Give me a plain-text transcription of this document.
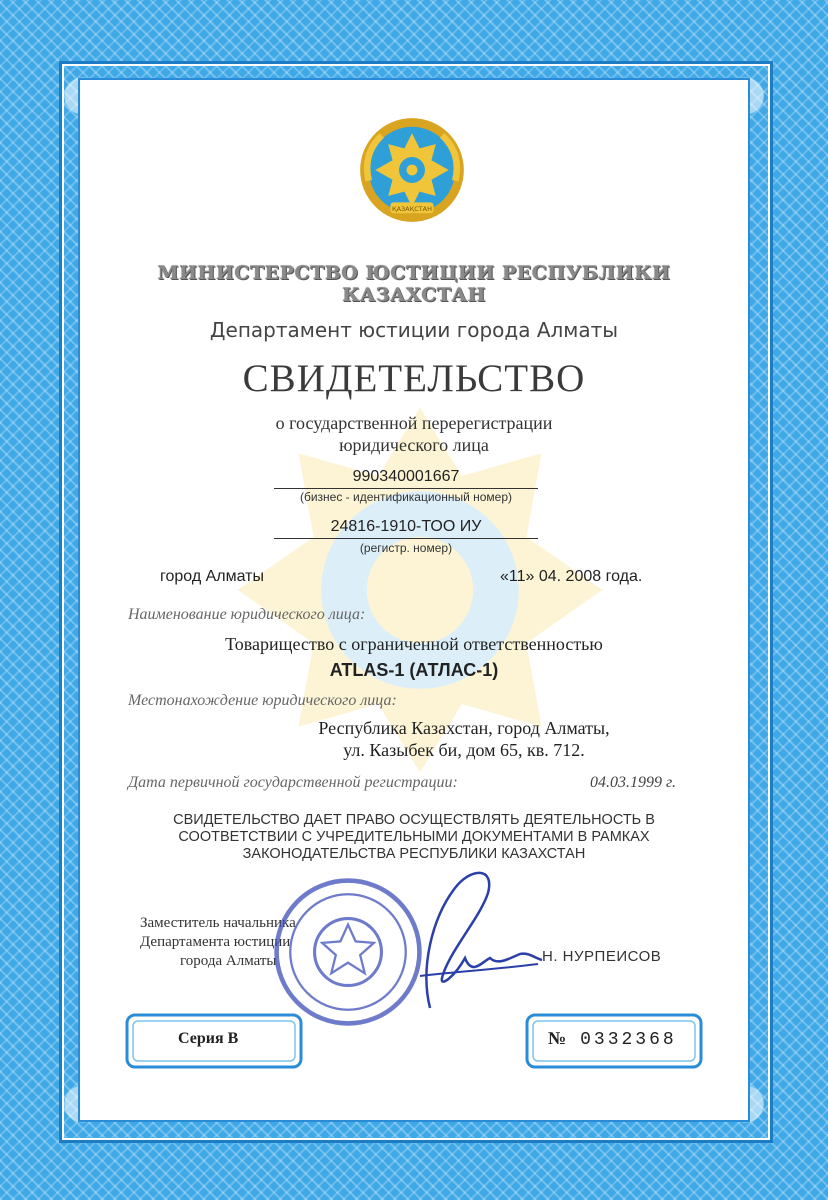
ҚАЗАҚСТАН
МИНИСТЕРСТВО ЮСТИЦИИ РЕСПУБЛИКИ КАЗАХСТАН
Департамент юстиции города Алматы
СВИДЕТЕЛЬСТВО
о государственной перерегистрации
юридического лица
990340001667
(бизнес - идентификационный номер)
24816-1910-ТОО ИУ
(регистр. номер)
город Алматы	«11» 04. 2008 года.
Наименование юридического лица:
Товарищество с ограниченной ответственностью
ATLAS-1 (АТЛАС-1)
Местонахождение юридического лица:
Республика Казахстан, город Алматы,
ул. Казыбек би, дом 65, кв. 712.
Дата первичной государственной регистрации:	04.03.1999 г.
СВИДЕТЕЛЬСТВО ДАЕТ ПРАВО ОСУЩЕСТВЛЯТЬ ДЕЯТЕЛЬНОСТЬ В
СООТВЕТСТВИИ С УЧРЕДИТЕЛЬНЫМИ ДОКУМЕНТАМИ В РАМКАХ
ЗАКОНОДАТЕЛЬСТВА РЕСПУБЛИКИ КАЗАХСТАН
Заместитель начальника
Департамента юстиции
города Алматы	Н. НУРПЕИСОВ
Серия В	№ 0332368
